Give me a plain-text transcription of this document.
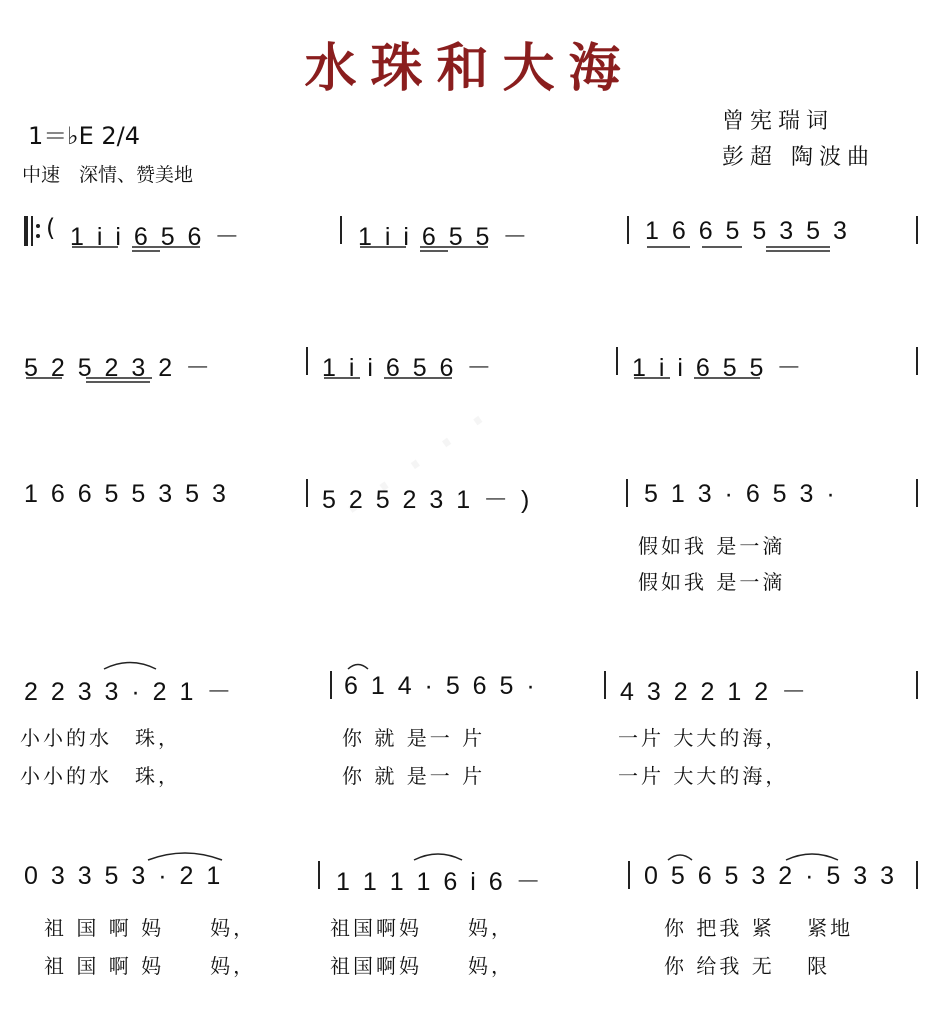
水珠和大海
1＝♭E 2/4
中速　深情、赞美地
曾宪瑞词
彭超 陶波曲
( 1 i i 6 5 6 －	1 i i 6 5 5 －	1 6 6 5 5 3 5 3
5 2 5 2 3 2 －	1 i i 6 5 6 －	1 i i 6 5 5 －
1 6 6 5 5 3 5 3	5 2 5 2 3 1 － )	5 1 3 · 6 5 3 ·
假如我 是一滴
假如我 是一滴
2 2 3 3 · 2 1 －	6 1 4 · 5 6 5 ·	4 3 2 2 1 2 －
小小的水　珠，	你 就 是一 片	一片 大大的海，
小小的水　珠，	你 就 是一 片	一片 大大的海，
0 3 3 5 3 · 2 1	1 1 1 1 6 i 6 －	0 5 6 5 3 2 · 5 3 3
祖 国 啊 妈　　妈，	祖国啊妈　　妈，	你 把我 紧　 紧地
祖 国 啊 妈　　妈，	祖国啊妈　　妈，	你 给我 无　 限
